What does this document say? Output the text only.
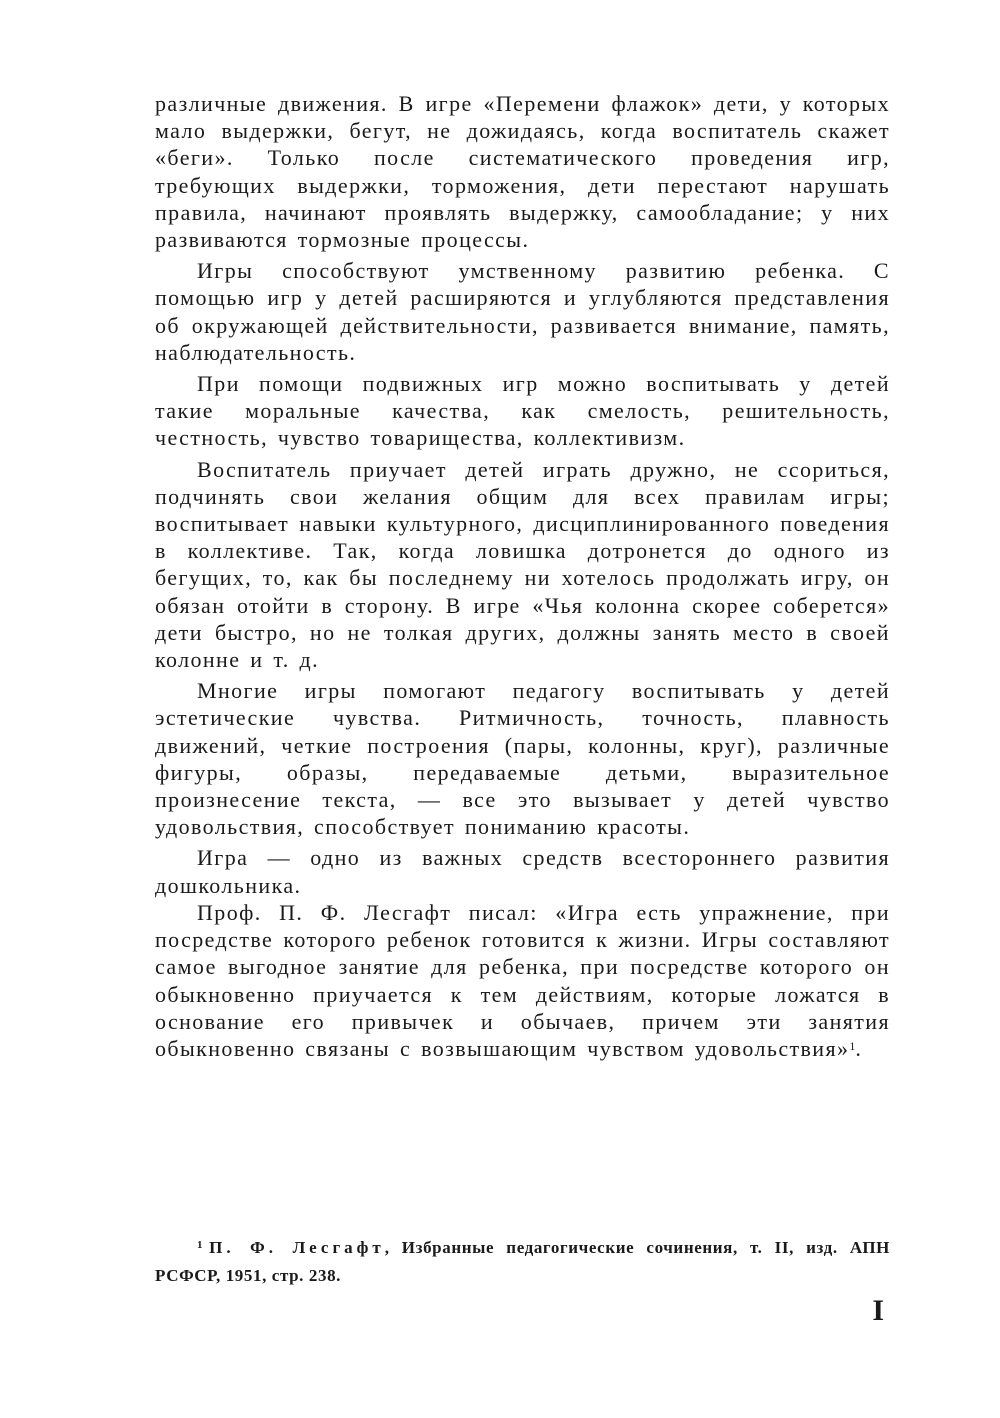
различные движения. В игре «Перемени флажок» дети, у которых мало выдержки, бегут, не дожидаясь, когда воспитатель скажет «беги». Только после систематического проведения игр, требующих выдержки, торможения, дети перестают нарушать правила, начинают проявлять выдержку, самообладание; у них развиваются тормозные процессы.

Игры способствуют умственному развитию ребенка. С помощью игр у детей расширяются и углубляются представления об окружающей действительности, развивается внимание, память, наблюдательность.

При помощи подвижных игр можно воспитывать у детей такие моральные качества, как смелость, решительность, честность, чувство товарищества, коллективизм.

Воспитатель приучает детей играть дружно, не ссориться, подчинять свои желания общим для всех правилам игры; воспитывает навыки культурного, дисциплинированного поведения в коллективе. Так, когда ловишка дотронется до одного из бегущих, то, как бы последнему ни хотелось продолжать игру, он обязан отойти в сторону. В игре «Чья колонна скорее соберется» дети быстро, но не толкая других, должны занять место в своей колонне и т. д.

Многие игры помогают педагогу воспитывать у детей эстетические чувства. Ритмичность, точность, плавность движений, четкие построения (пары, колонны, круг), различные фигуры, образы, передаваемые детьми, выразительное произнесение текста, — все это вызывает у детей чувство удовольствия, способствует пониманию красоты.

Игра — одно из важных средств всестороннего развития дошкольника.

Проф. П. Ф. Лесгафт писал: «Игра есть упражнение, при посредстве которого ребенок готовится к жизни. Игры составляют самое выгодное занятие для ребенка, при посредстве которого он обыкновенно приучается к тем действиям, которые ложатся в основание его привычек и обычаев, причем эти занятия обыкновенно связаны с возвышающим чувством удовольствия»$^1$.

$^1$ П. Ф. Лесгафт, Избранные педагогические сочинения, т. II, изд. АПН РСФСР, 1951, стр. 238.
I
